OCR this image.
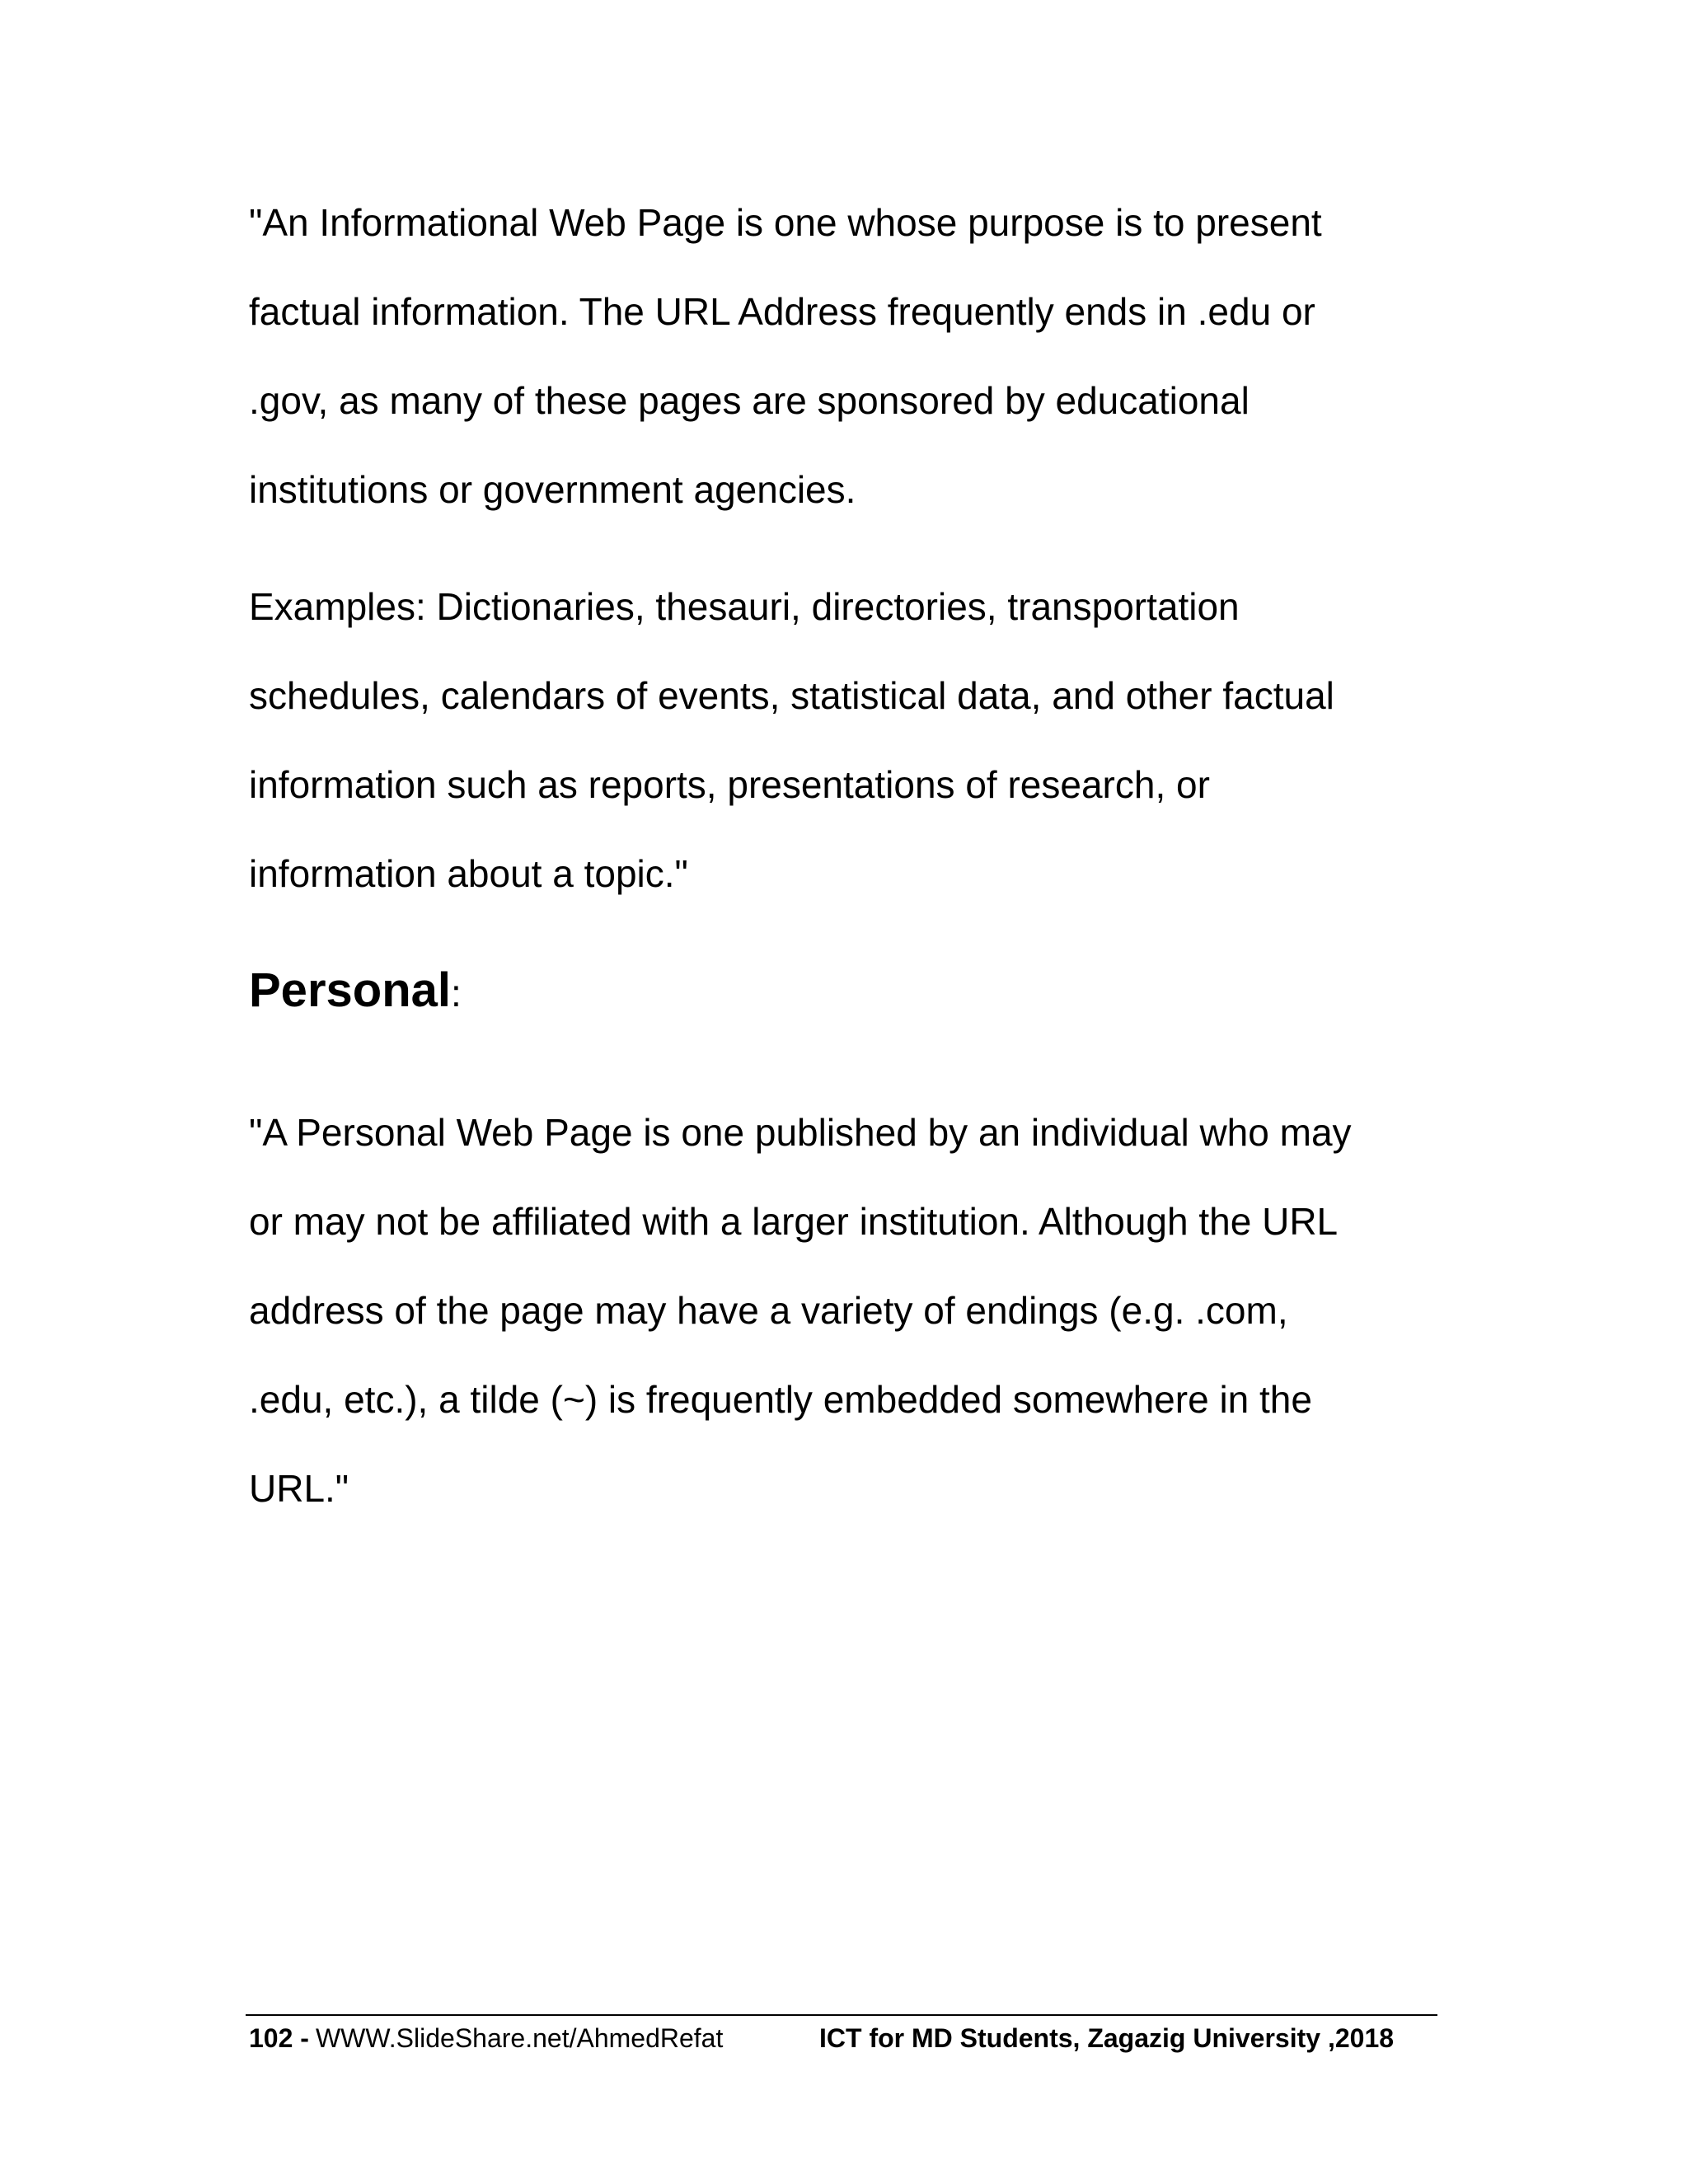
"An Informational Web Page is one whose purpose is to present
factual information. The URL Address frequently ends in .edu or
.gov, as many of these pages are sponsored by educational
institutions or government agencies.

Examples: Dictionaries, thesauri, directories, transportation
schedules, calendars of events, statistical data, and other factual
information such as reports, presentations of research, or
information about a topic."

Personal:

"A Personal Web Page is one published by an individual who may
or may not be affiliated with a larger institution. Although the URL
address of the page may have a variety of endings (e.g. .com,
.edu, etc.), a tilde (~) is frequently embedded somewhere in the
URL."

102 - WWW.SlideShare.net/AhmedRefat	ICT for MD Students, Zagazig University ,2018
